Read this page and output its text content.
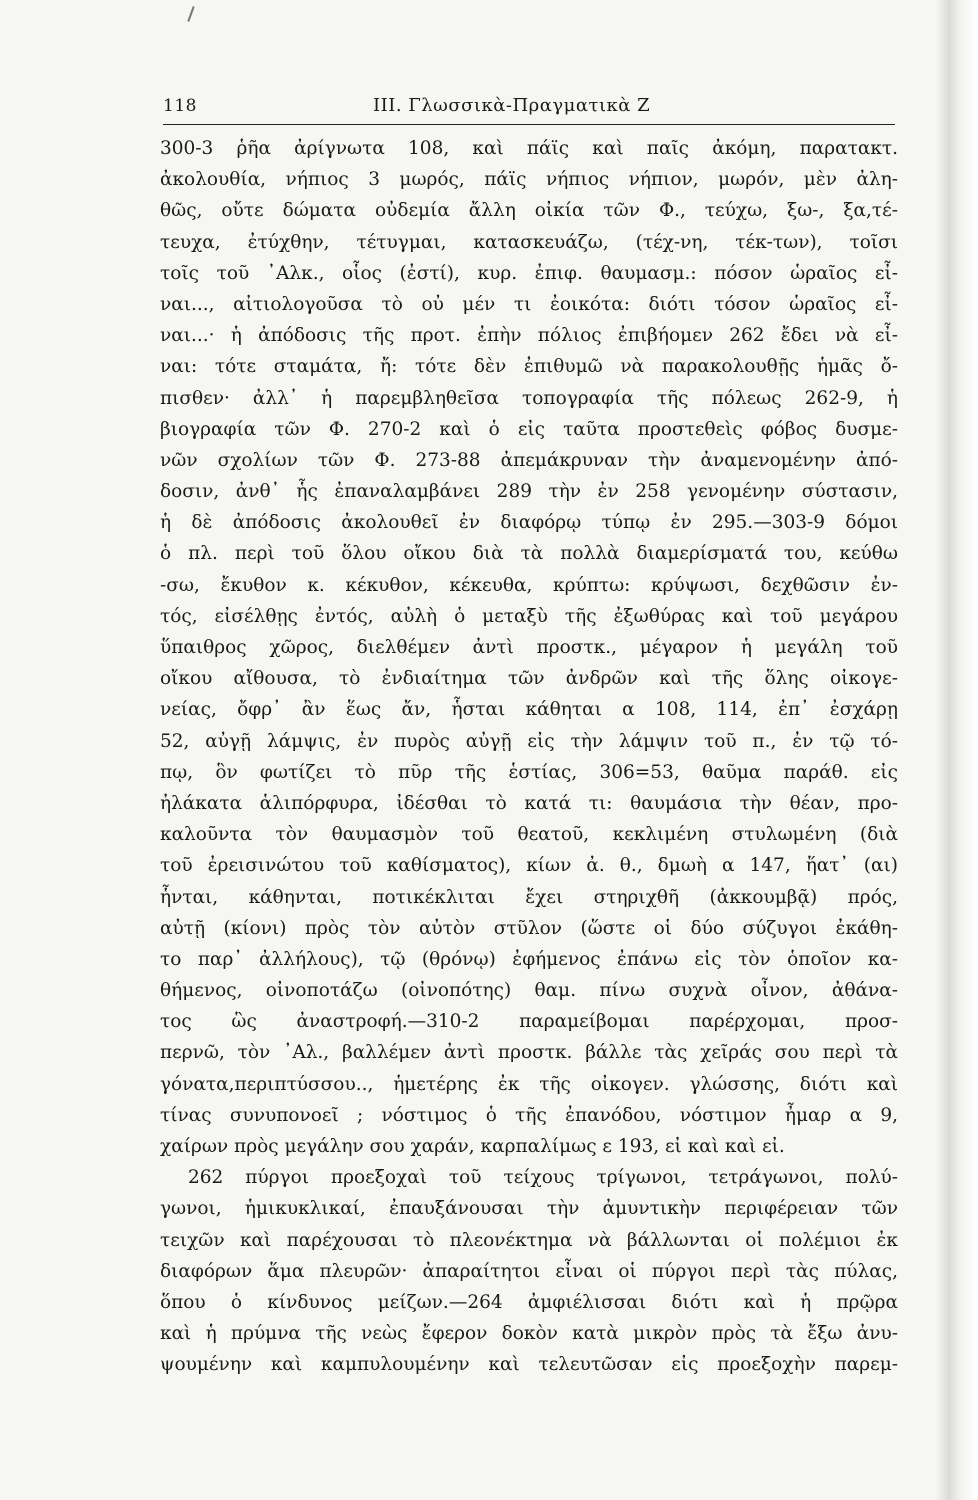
118	III. Γλωσσικὰ-Πραγματικὰ Ζ
300-3 ῥῆα ἀρίγνωτα 108, καὶ πάϊς καὶ παῖς ἀκόμη, παρατακτ.
ἀκολουθία, νήπιος 3 μωρός, πάϊς νήπιος νήπιον, μωρόν, μὲν ἀλη-
θῶς, οὔτε δώματα οὐδεμία ἄλλη οἰκία τῶν Φ., τεύχω, ξω-, ξα,τέ-
τευχα, ἐτύχθην, τέτυγμαι, κατασκευάζω, (τέχ-νη, τέκ-των), τοῖσι
τοῖς τοῦ ᾿Αλκ., οἷος (ἐστί), κυρ. ἐπιφ. θαυμασμ.: πόσον ὡραῖος εἶ-
ναι..., αἰτιολογοῦσα τὸ οὐ μέν τι ἐοικότα: διότι τόσον ὡραῖος εἶ-
ναι...· ἡ ἀπόδοσις τῆς προτ. ἐπὴν πόλιος ἐπιβήομεν 262 ἔδει νὰ εἶ-
ναι: τότε σταμάτα, ἤ: τότε δὲν ἐπιθυμῶ νὰ παρακολουθῇς ἡμᾶς ὄ-
πισθεν· ἀλλ᾿ ἡ παρεμβληθεῖσα τοπογραφία τῆς πόλεως 262-9, ἡ
βιογραφία τῶν Φ. 270-2 καὶ ὁ εἰς ταῦτα προστεθεὶς φόβος δυσμε-
νῶν σχολίων τῶν Φ. 273-88 ἀπεμάκρυναν τὴν ἀναμενομένην ἀπό-
δοσιν, ἀνθ᾿ ἧς ἐπαναλαμβάνει 289 τὴν ἐν 258 γενομένην σύστασιν,
ἡ δὲ ἀπόδοσις ἀκολουθεῖ ἐν διαφόρῳ τύπῳ ἐν 295.—303-9 δόμοι
ὁ πλ. περὶ τοῦ ὅλου οἴκου διὰ τὰ πολλὰ διαμερίσματά του, κεύθω
-σω, ἔκυθον κ. κέκυθον, κέκευθα, κρύπτω: κρύψωσι, δεχθῶσιν ἐν-
τός, εἰσέλθῃς ἐντός, αὐλὴ ὁ μεταξὺ τῆς ἐξωθύρας καὶ τοῦ μεγάρου
ὕπαιθρος χῶρος, διελθέμεν ἀντὶ προστκ., μέγαρον ἡ μεγάλη τοῦ
οἴκου αἴθουσα, τὸ ἐνδιαίτημα τῶν ἀνδρῶν καὶ τῆς ὅλης οἰκογε-
νείας, ὄφρ᾿ ἂν ἕως ἄν, ἧσται κάθηται α 108, 114, ἐπ᾿ ἐσχάρῃ
52, αὐγῇ λάμψις, ἐν πυρὸς αὐγῇ εἰς τὴν λάμψιν τοῦ π., ἐν τῷ τό-
πῳ, ὃν φωτίζει τὸ πῦρ τῆς ἑστίας, 306=53, θαῦμα παράθ. εἰς
ἠλάκατα ἁλιπόρφυρα, ἰδέσθαι τὸ κατά τι: θαυμάσια τὴν θέαν, προ-
καλοῦντα τὸν θαυμασμὸν τοῦ θεατοῦ, κεκλιμένη στυλωμένη (διὰ
τοῦ ἐρεισινώτου τοῦ καθίσματος), κίων ἀ. θ., δμωὴ α 147, ἥατ᾿ (αι)
ἧνται, κάθηνται, ποτικέκλιται ἔχει στηριχθῆ (ἀκκουμβᾷ) πρός,
αὐτῇ (κίονι) πρὸς τὸν αὐτὸν στῦλον (ὥστε οἱ δύο σύζυγοι ἐκάθη-
το παρ᾿ ἀλλήλους), τῷ (θρόνῳ) ἐφήμενος ἐπάνω εἰς τὸν ὁποῖον κα-
θήμενος, οἰνοποτάζω (οἰνοπότης) θαμ. πίνω συχνὰ οἶνον, ἀθάνα-
τος ὣς ἀναστροφή.—310-2 παραμείβομαι παρέρχομαι, προσ-
περνῶ, τὸν ᾿Αλ., βαλλέμεν ἀντὶ προστκ. βάλλε τὰς χεῖράς σου περὶ τὰ
γόνατα,περιπτύσσου.., ἡμετέρης ἐκ τῆς οἰκογεν. γλώσσης, διότι καὶ
τίνας συνυπονοεῖ ; νόστιμος ὁ τῆς ἐπανόδου, νόστιμον ἦμαρ α 9,
χαίρων πρὸς μεγάλην σου χαράν, καρπαλίμως ε 193, εἰ καὶ καὶ εἰ.
262 πύργοι προεξοχαὶ τοῦ τείχους τρίγωνοι, τετράγωνοι, πολύ-
γωνοι, ἡμικυκλικαί, ἐπαυξάνουσαι τὴν ἀμυντικὴν περιφέρειαν τῶν
τειχῶν καὶ παρέχουσαι τὸ πλεονέκτημα νὰ βάλλωνται οἱ πολέμιοι ἐκ
διαφόρων ἅμα πλευρῶν· ἀπαραίτητοι εἶναι οἱ πύργοι περὶ τὰς πύλας,
ὅπου ὁ κίνδυνος μείζων.—264 ἀμφιέλισσαι διότι καὶ ἡ πρῷρα
καὶ ἡ πρύμνα τῆς νεὼς ἔφερον δοκὸν κατὰ μικρὸν πρὸς τὰ ἔξω ἀνυ-
ψουμένην καὶ καμπυλουμένην καὶ τελευτῶσαν εἰς προεξοχὴν παρεμ-
